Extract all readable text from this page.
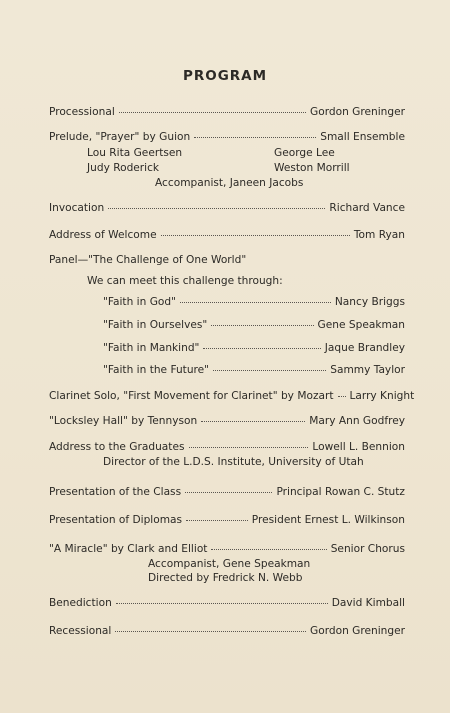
PROGRAM
Processional	Gordon Greninger
Prelude, "Prayer" by Guion	Small Ensemble
Lou Rita Geertsen	George Lee
Judy Roderick	Weston Morrill
Accompanist, Janeen Jacobs
Invocation	Richard Vance
Address of Welcome	Tom Ryan
Panel—"The Challenge of One World"
We can meet this challenge through:
"Faith in God"	Nancy Briggs
"Faith in Ourselves"	Gene Speakman
"Faith in Mankind"	Jaque Brandley
"Faith in the Future"	Sammy Taylor
Clarinet Solo, "First Movement for Clarinet" by Mozart Larry Knight
"Locksley Hall" by Tennyson	Mary Ann Godfrey
Address to the Graduates	Lowell L. Bennion
Director of the L.D.S. Institute, University of Utah
Presentation of the Class	Principal Rowan C. Stutz
Presentation of Diplomas	President Ernest L. Wilkinson
"A Miracle" by Clark and Elliot	Senior Chorus
Accompanist, Gene Speakman
Directed by Fredrick N. Webb
Benediction	David Kimball
Recessional	Gordon Greninger
